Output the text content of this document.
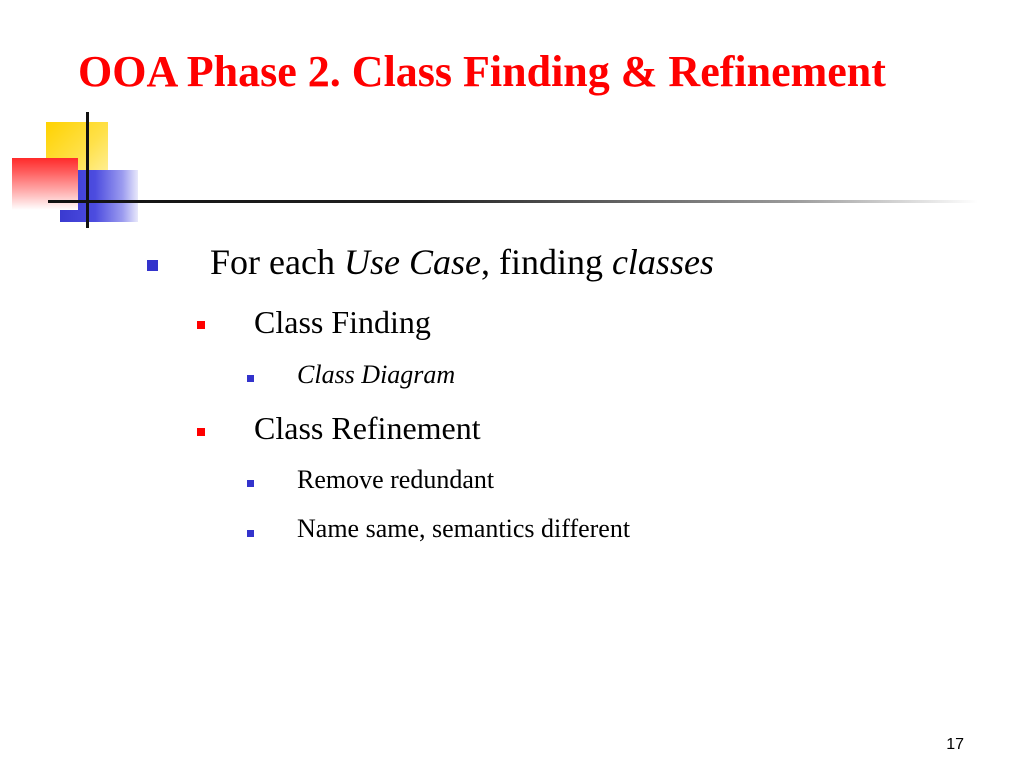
OOA Phase 2. Class Finding & Refinement
For each Use Case, finding classes
Class Finding
Class Diagram
Class Refinement
Remove redundant
Name same, semantics different
17
